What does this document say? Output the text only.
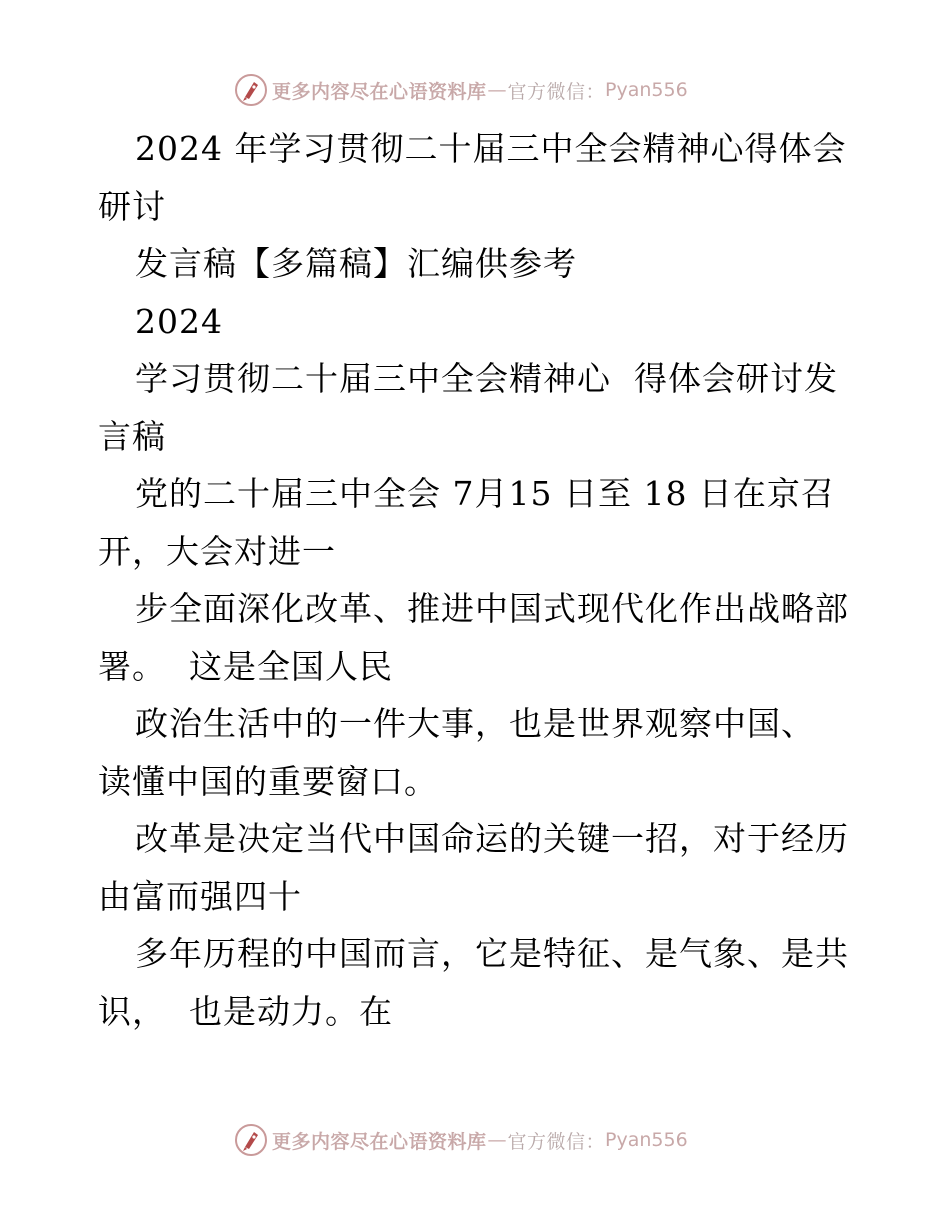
更多内容尽在心语资料库 — 官方微信： Pyan556
2024 年学习贯彻二十届三中全会精神心得体会
研讨
发言稿【多篇稿】汇编供参考
2024
学习贯彻二十届三中全会精神心  得体会研讨发
言稿
党的二十届三中全会 7月15 日至 18 日在京召
开，大会对进一
步全面深化改革、推进中国式现代化作出战略部
署。  这是全国人民
政治生活中的一件大事，也是世界观察中国、
读懂中国的重要窗口。
改革是决定当代中国命运的关键一招，对于经历
由富而强四十
多年历程的中国而言，它是特征、是气象、是共
识，  也是动力。在
更多内容尽在心语资料库 — 官方微信： Pyan556
